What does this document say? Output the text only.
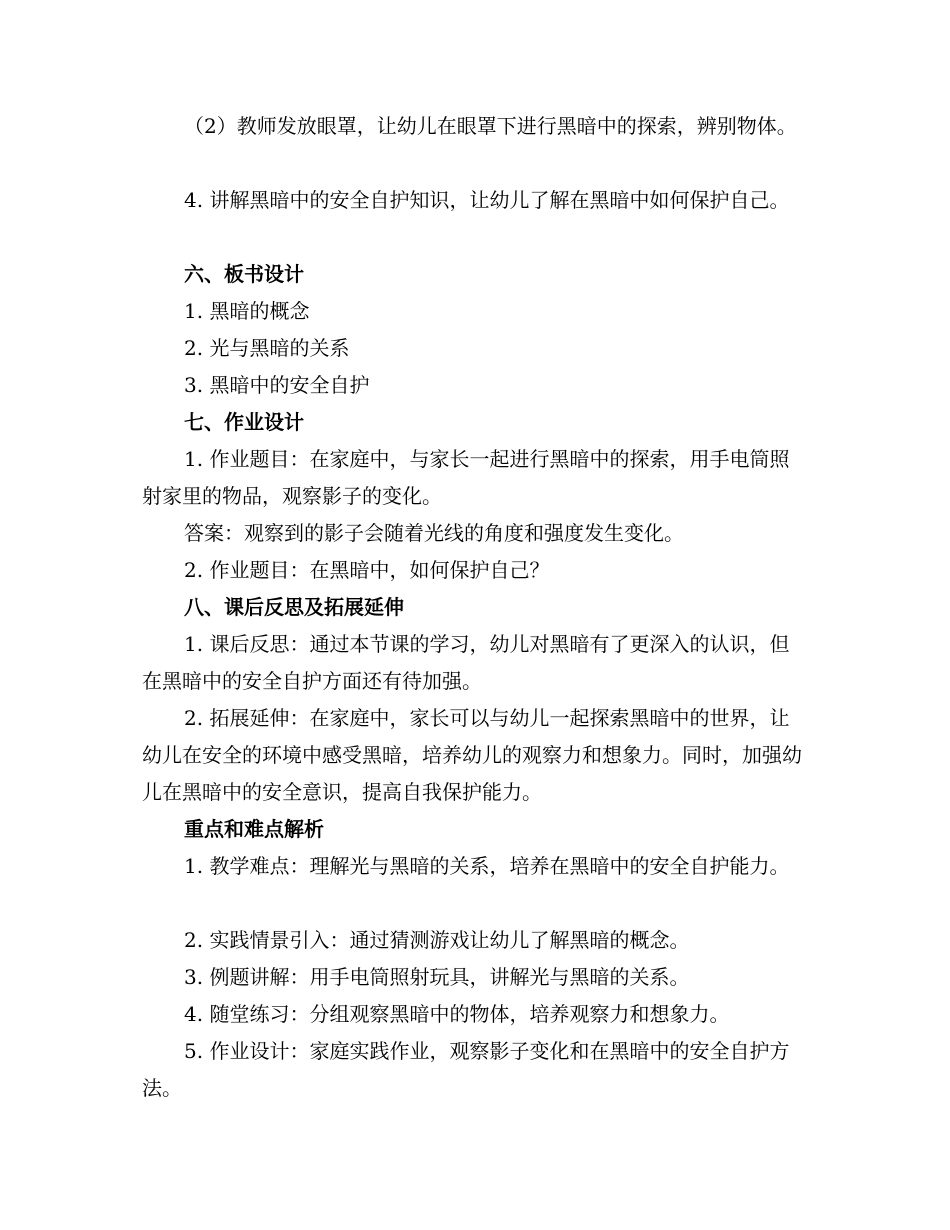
（2）教师发放眼罩，让幼儿在眼罩下进行黑暗中的探索，辨别物体。

4. 讲解黑暗中的安全自护知识，让幼儿了解在黑暗中如何保护自己。

六、板书设计

1. 黑暗的概念

2. 光与黑暗的关系

3. 黑暗中的安全自护

七、作业设计

1. 作业题目：在家庭中，与家长一起进行黑暗中的探索，用手电筒照射家里的物品，观察影子的变化。

答案：观察到的影子会随着光线的角度和强度发生变化。

2. 作业题目：在黑暗中，如何保护自己？

八、课后反思及拓展延伸

1. 课后反思：通过本节课的学习，幼儿对黑暗有了更深入的认识，但在黑暗中的安全自护方面还有待加强。

2. 拓展延伸：在家庭中，家长可以与幼儿一起探索黑暗中的世界，让幼儿在安全的环境中感受黑暗，培养幼儿的观察力和想象力。同时，加强幼儿在黑暗中的安全意识，提高自我保护能力。

重点和难点解析

1. 教学难点：理解光与黑暗的关系，培养在黑暗中的安全自护能力。

2. 实践情景引入：通过猜测游戏让幼儿了解黑暗的概念。

3. 例题讲解：用手电筒照射玩具，讲解光与黑暗的关系。

4. 随堂练习：分组观察黑暗中的物体，培养观察力和想象力。

5. 作业设计：家庭实践作业，观察影子变化和在黑暗中的安全自护方法。
